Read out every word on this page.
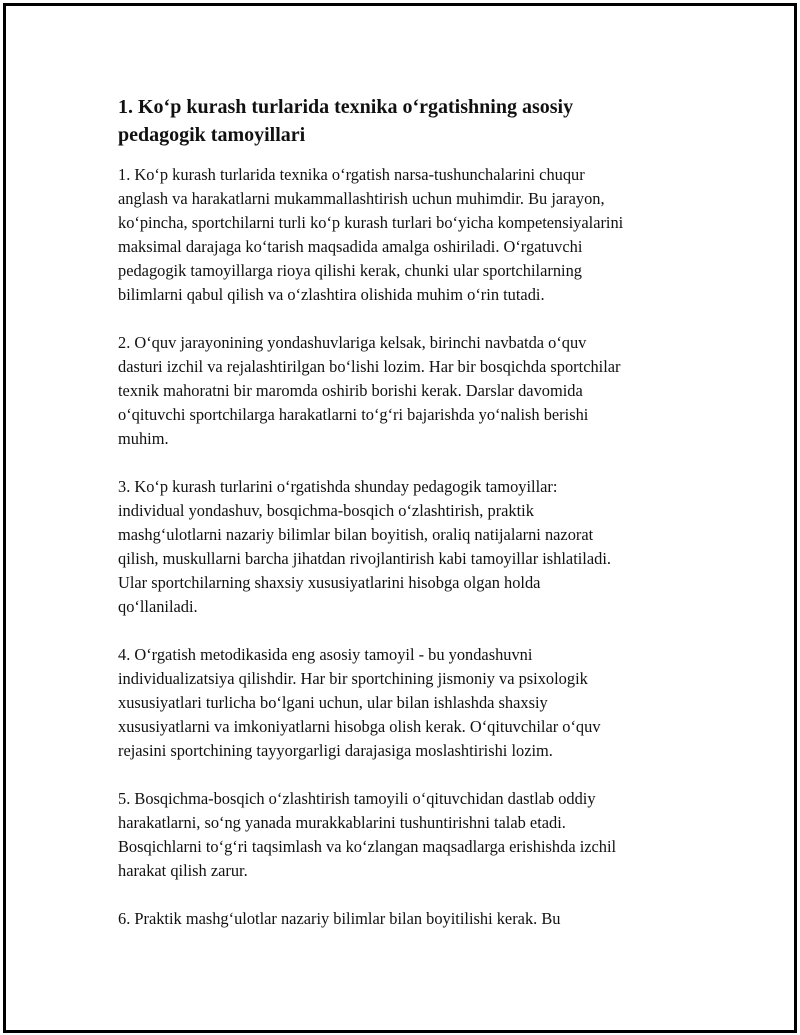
1. Ko‘p kurash turlarida texnika o‘rgatishning asosiy
pedagogik tamoyillari

1. Ko‘p kurash turlarida texnika o‘rgatish narsa-tushunchalarini chuqur
anglash va harakatlarni mukammallashtirish uchun muhimdir. Bu jarayon,
ko‘pincha, sportchilarni turli ko‘p kurash turlari bo‘yicha kompetensiyalarini
maksimal darajaga ko‘tarish maqsadida amalga oshiriladi. O‘rgatuvchi
pedagogik tamoyillarga rioya qilishi kerak, chunki ular sportchilarning
bilimlarni qabul qilish va o‘zlashtira olishida muhim o‘rin tutadi.

2. O‘quv jarayonining yondashuvlariga kelsak, birinchi navbatda o‘quv
dasturi izchil va rejalashtirilgan bo‘lishi lozim. Har bir bosqichda sportchilar
texnik mahoratni bir maromda oshirib borishi kerak. Darslar davomida
o‘qituvchi sportchilarga harakatlarni to‘g‘ri bajarishda yo‘nalish berishi
muhim.

3. Ko‘p kurash turlarini o‘rgatishda shunday pedagogik tamoyillar:
individual yondashuv, bosqichma-bosqich o‘zlashtirish, praktik
mashg‘ulotlarni nazariy bilimlar bilan boyitish, oraliq natijalarni nazorat
qilish, muskullarni barcha jihatdan rivojlantirish kabi tamoyillar ishlatiladi.
Ular sportchilarning shaxsiy xususiyatlarini hisobga olgan holda
qo‘llaniladi.

4. O‘rgatish metodikasida eng asosiy tamoyil - bu yondashuvni
individualizatsiya qilishdir. Har bir sportchining jismoniy va psixologik
xususiyatlari turlicha bo‘lgani uchun, ular bilan ishlashda shaxsiy
xususiyatlarni va imkoniyatlarni hisobga olish kerak. O‘qituvchilar o‘quv
rejasini sportchining tayyorgarligi darajasiga moslashtirishi lozim.

5. Bosqichma-bosqich o‘zlashtirish tamoyili o‘qituvchidan dastlab oddiy
harakatlarni, so‘ng yanada murakkablarini tushuntirishni talab etadi.
Bosqichlarni to‘g‘ri taqsimlash va ko‘zlangan maqsadlarga erishishda izchil
harakat qilish zarur.

6. Praktik mashg‘ulotlar nazariy bilimlar bilan boyitilishi kerak. Bu
